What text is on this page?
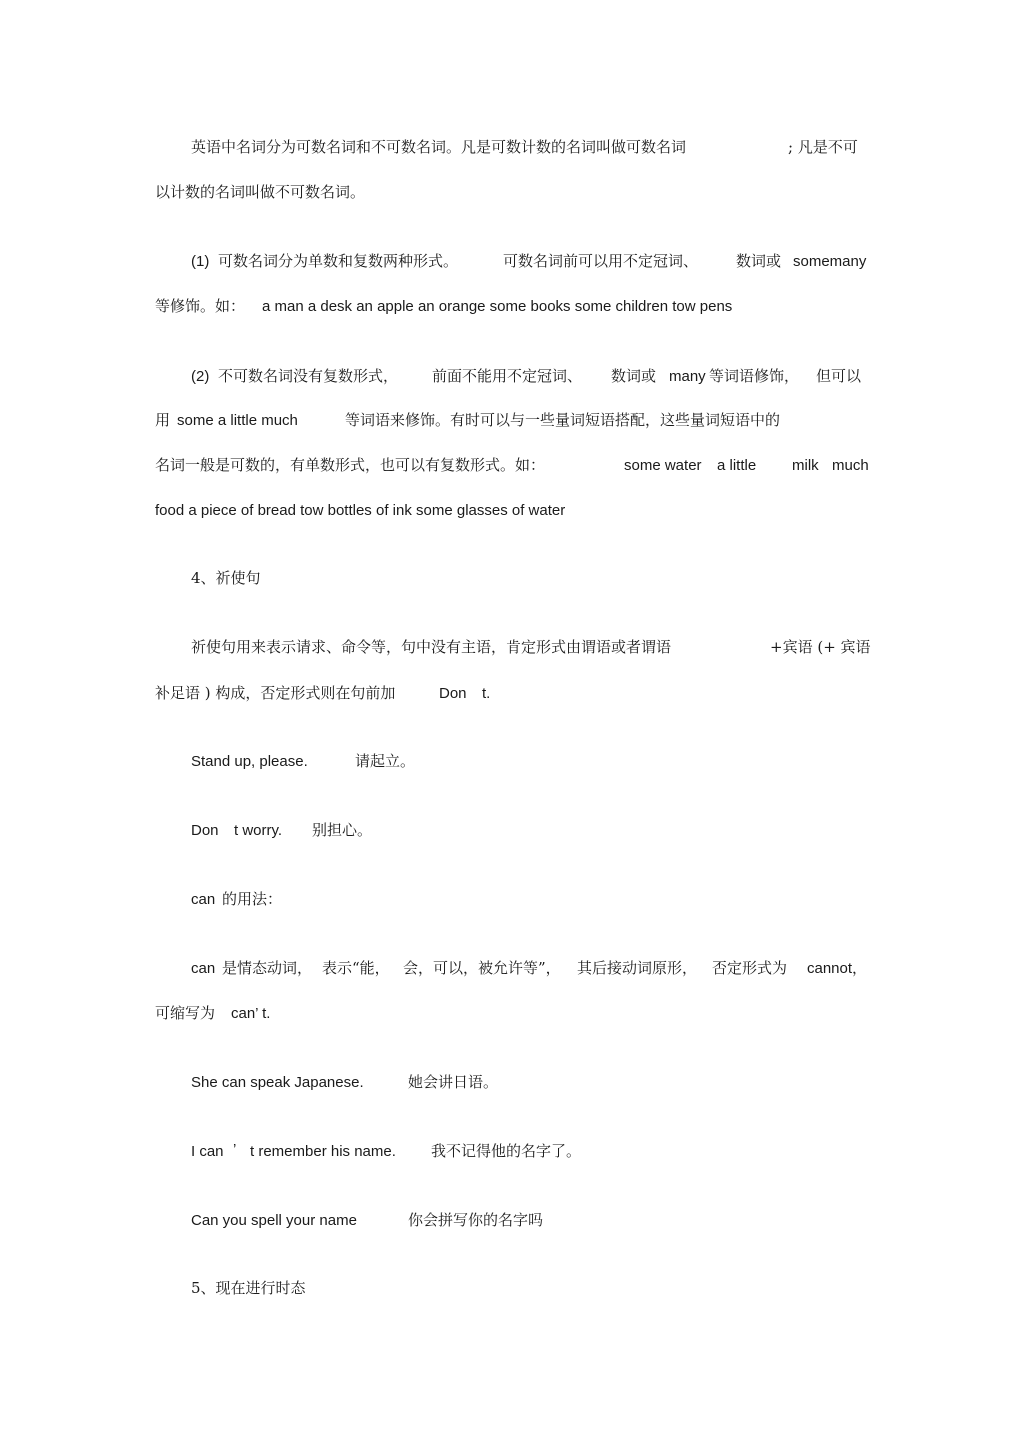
英语中名词分为可数名词和不可数名词。凡是可数计数的名词叫做可数名词	; 凡是不可
以计数的名词叫做不可数名词。
(1) 可数名词分为单数和复数两种形式。	可数名词前可以用不定冠词、	数词或 somemany
等修饰。如： a man a desk an apple an orange some books some children tow pens
(2) 不可数名词没有复数形式， 前面不能用不定冠词、 数词或 many 等词语修饰， 但可以
用 some a little much	等词语来修饰。有时可以与一些量词短语搭配，这些量词短语中的
名词一般是可数的，有单数形式，也可以有复数形式。如：	some water a little milk much
food a piece of bread tow bottles of ink some glasses of water
4、祈使句
祈使句用来表示请求、命令等，句中没有主语，肯定形式由谓语或者谓语	+宾语 (+ 宾语
补足语 ) 构成，否定形式则在句前加	Don t.
Stand up, please.	请起立。
Don t worry. 别担心。
can 的用法：
can 是情态动词， 表示“能， 会，可以，被允许等”， 其后接动词原形， 否定形式为 cannot，
可缩写为 can’ t.
She can speak Japanese.	她会讲日语。
I can ’ t remember his name. 我不记得他的名字了。
Can you spell your name	你会拼写你的名字吗
5、现在进行时态
